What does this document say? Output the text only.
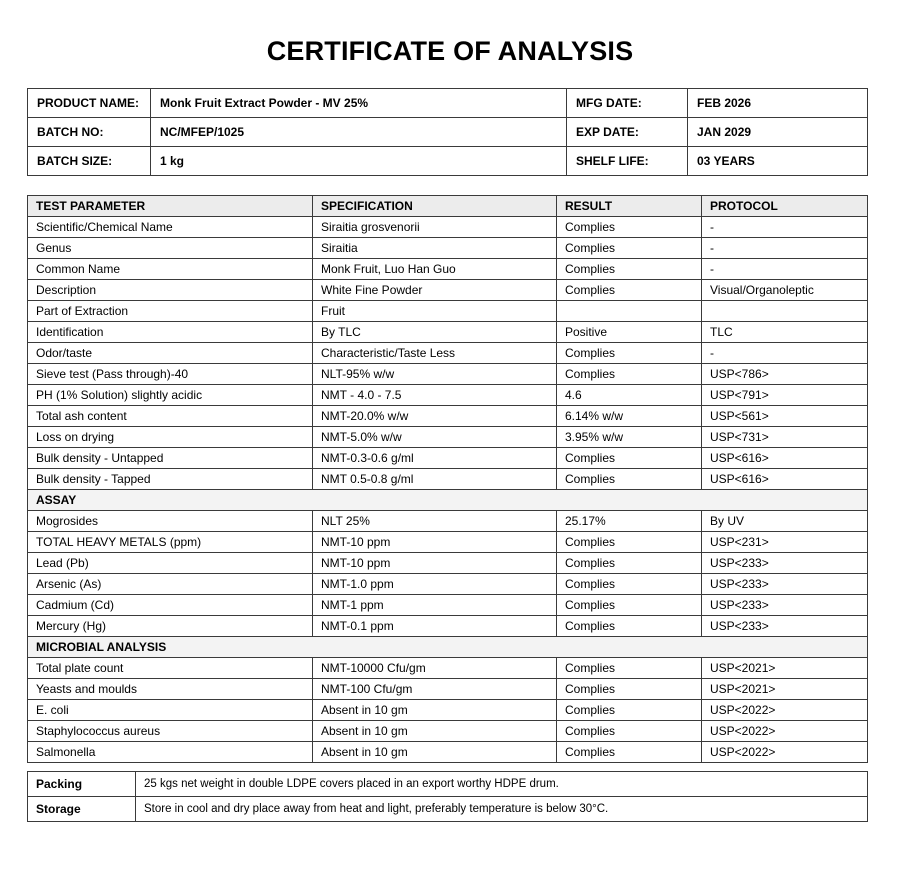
CERTIFICATE OF ANALYSIS
PRODUCT NAME:	Monk Fruit Extract Powder - MV 25%	MFG DATE:	FEB 2026
BATCH NO:	NC/MFEP/1025	EXP DATE:	JAN 2029
BATCH SIZE:	1 kg	SHELF LIFE:	03 YEARS
TEST PARAMETER	SPECIFICATION	RESULT	PROTOCOL
Scientific/Chemical Name	Siraitia grosvenorii	Complies	-
Genus	Siraitia	Complies	-
Common Name	Monk Fruit, Luo Han Guo	Complies	-
Description	White Fine Powder	Complies	Visual/Organoleptic
Part of Extraction	Fruit		
Identification	By TLC	Positive	TLC
Odor/taste	Characteristic/Taste Less	Complies	-
Sieve test (Pass through)-40	NLT-95% w/w	Complies	USP<786>
PH (1% Solution) slightly acidic	NMT - 4.0 - 7.5	4.6	USP<791>
Total ash content	NMT-20.0% w/w	6.14% w/w	USP<561>
Loss on drying	NMT-5.0% w/w	3.95% w/w	USP<731>
Bulk density - Untapped	NMT-0.3-0.6 g/ml	Complies	USP<616>
Bulk density - Tapped	NMT 0.5-0.8 g/ml	Complies	USP<616>
ASSAY			
Mogrosides	NLT 25%	25.17%	By UV
TOTAL HEAVY METALS (ppm)	NMT-10 ppm	Complies	USP<231>
Lead (Pb)	NMT-10 ppm	Complies	USP<233>
Arsenic (As)	NMT-1.0 ppm	Complies	USP<233>
Cadmium (Cd)	NMT-1 ppm	Complies	USP<233>
Mercury (Hg)	NMT-0.1 ppm	Complies	USP<233>
MICROBIAL ANALYSIS			
Total plate count	NMT-10000 Cfu/gm	Complies	USP<2021>
Yeasts and moulds	NMT-100 Cfu/gm	Complies	USP<2021>
E. coli	Absent in 10 gm	Complies	USP<2022>
Staphylococcus aureus	Absent in 10 gm	Complies	USP<2022>
Salmonella	Absent in 10 gm	Complies	USP<2022>
Packing	25 kgs net weight in double LDPE covers placed in an export worthy HDPE drum.
Storage	Store in cool and dry place away from heat and light, preferably temperature is below 30°C.
